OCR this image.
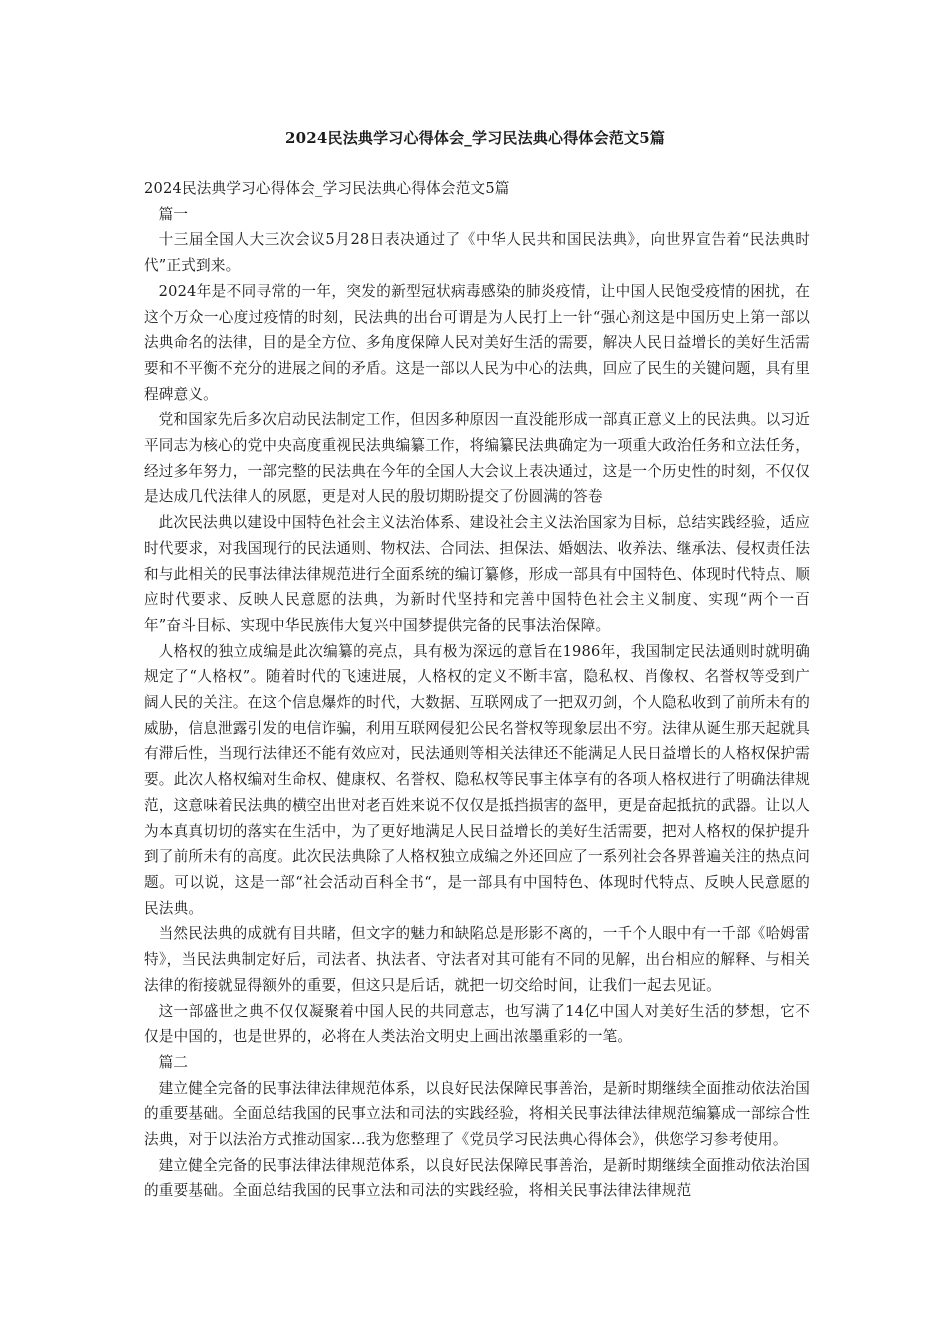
2024民法典学习心得体会_学习民法典心得体会范文5篇

2024民法典学习心得体会_学习民法典心得体会范文5篇

篇一

十三届全国人大三次会议5月28日表决通过了《中华人民共和国民法典》，向世界宣告着“民法典时代”正式到来。

2024年是不同寻常的一年，突发的新型冠状病毒感染的肺炎疫情，让中国人民饱受疫情的困扰，在这个万众一心度过疫情的时刻，民法典的出台可谓是为人民打上一针“强心剂这是中国历史上第一部以法典命名的法律，目的是全方位、多角度保障人民对美好生活的需要，解决人民日益增长的美好生活需要和不平衡不充分的进展之间的矛盾。这是一部以人民为中心的法典，回应了民生的关键问题，具有里程碑意义。

党和国家先后多次启动民法制定工作，但因多种原因一直没能形成一部真正意义上的民法典。以习近平同志为核心的党中央高度重视民法典编纂工作，将编纂民法典确定为一项重大政治任务和立法任务，经过多年努力，一部完整的民法典在今年的全国人大会议上表决通过，这是一个历史性的时刻，不仅仅是达成几代法律人的夙愿，更是对人民的殷切期盼提交了份圆满的答卷

此次民法典以建设中国特色社会主义法治体系、建设社会主义法治国家为目标，总结实践经验，适应时代要求，对我国现行的民法通则、物权法、合同法、担保法、婚姻法、收养法、继承法、侵权责任法和与此相关的民事法律法律规范进行全面系统的编订纂修，形成一部具有中国特色、体现时代特点、顺应时代要求、反映人民意愿的法典，为新时代坚持和完善中国特色社会主义制度、实现“两个一百年”奋斗目标、实现中华民族伟大复兴中国梦提供完备的民事法治保障。

人格权的独立成编是此次编纂的亮点，具有极为深远的意旨在1986年，我国制定民法通则时就明确规定了“人格权”。随着时代的飞速进展，人格权的定义不断丰富，隐私权、肖像权、名誉权等受到广阔人民的关注。在这个信息爆炸的时代，大数据、互联网成了一把双刃剑，个人隐私收到了前所未有的威胁，信息泄露引发的电信诈骗，利用互联网侵犯公民名誉权等现象层出不穷。法律从诞生那天起就具有滞后性，当现行法律还不能有效应对，民法通则等相关法律还不能满足人民日益增长的人格权保护需要。此次人格权编对生命权、健康权、名誉权、隐私权等民事主体享有的各项人格权进行了明确法律规范，这意味着民法典的横空出世对老百姓来说不仅仅是抵挡损害的盔甲，更是奋起抵抗的武器。让以人为本真真切切的落实在生活中，为了更好地满足人民日益增长的美好生活需要，把对人格权的保护提升到了前所未有的高度。此次民法典除了人格权独立成编之外还回应了一系列社会各界普遍关注的热点问题。可以说，这是一部“社会活动百科全书“，是一部具有中国特色、体现时代特点、反映人民意愿的民法典。

当然民法典的成就有目共睹，但文字的魅力和缺陷总是形影不离的，一千个人眼中有一千部《哈姆雷特》，当民法典制定好后，司法者、执法者、守法者对其可能有不同的见解，出台相应的解释、与相关法律的衔接就显得额外的重要，但这只是后话，就把一切交给时间，让我们一起去见证。

这一部盛世之典不仅仅凝聚着中国人民的共同意志，也写满了14亿中国人对美好生活的梦想，它不仅是中国的，也是世界的，必将在人类法治文明史上画出浓墨重彩的一笔。

篇二

建立健全完备的民事法律法律规范体系，以良好民法保障民事善治，是新时期继续全面推动依法治国的重要基础。全面总结我国的民事立法和司法的实践经验，将相关民事法律法律规范编纂成一部综合性法典，对于以法治方式推动国家…我为您整理了《党员学习民法典心得体会》，供您学习参考使用。

建立健全完备的民事法律法律规范体系，以良好民法保障民事善治，是新时期继续全面推动依法治国的重要基础。全面总结我国的民事立法和司法的实践经验，将相关民事法律法律规范
